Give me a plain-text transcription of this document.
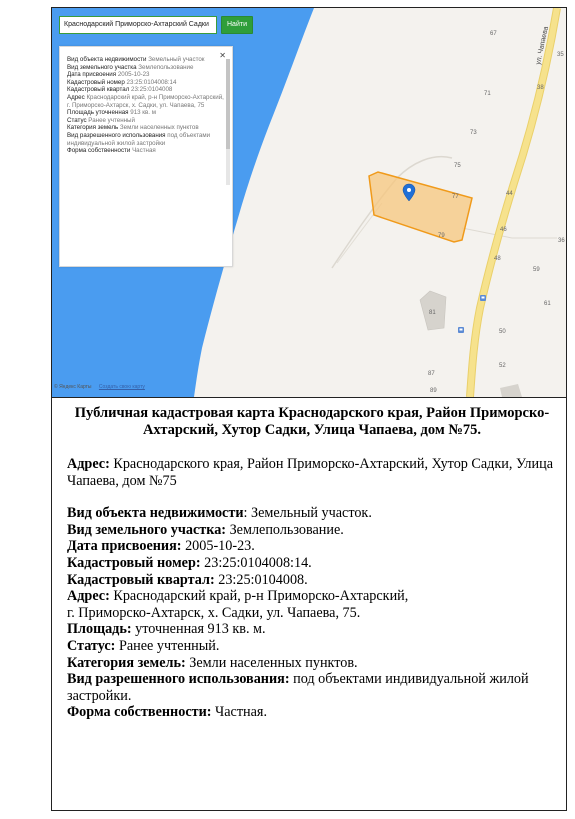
67
38
71
73
75
44
77
46
79
48
59
61
81
50
52
87
89
35
36
ул. Чапаева
Краснодарский Приморско-Ахтарский Садки	Найти
✕
Вид объекта недвижимости Земельный участок
Вид земельного участка Землепользование
Дата присвоения 2005-10-23
Кадастровый номер 23:25:0104008:14
Кадастровый квартал 23:25:0104008
Адрес Краснодарский край, р-н Приморско-Ахтарский, г. Приморско-Ахтарск, х. Садки, ул. Чапаева, 75
Площадь уточненная 913 кв. м
Статус Ранее учтенный
Категория земель Земли населенных пунктов
Вид разрешенного использования под объектами индивидуальной жилой застройки
Форма собственности Частная
© Яндекс Карты Создать свою карту
Публичная кадастровая карта Краснодарского края, Район Приморско-Ахтарский, Хутор Садки, Улица Чапаева, дом №75.

Адрес: Краснодарского края, Район Приморско-Ахтарский, Хутор Садки, Улица Чапаева, дом №75

Вид объекта недвижимости: Земельный участок.

Вид земельного участка: Землепользование.

Дата присвоения: 2005-10-23.

Кадастровый номер: 23:25:0104008:14.

Кадастровый квартал: 23:25:0104008.

Адрес: Краснодарский край, р-н Приморско-Ахтарский,
г. Приморско-Ахтарск, х. Садки, ул. Чапаева, 75.

Площадь: уточненная 913 кв. м.

Статус: Ранее учтенный.

Категория земель: Земли населенных пунктов.

Вид разрешенного использования: под объектами индивидуальной жилой застройки.

Форма собственности: Частная.
